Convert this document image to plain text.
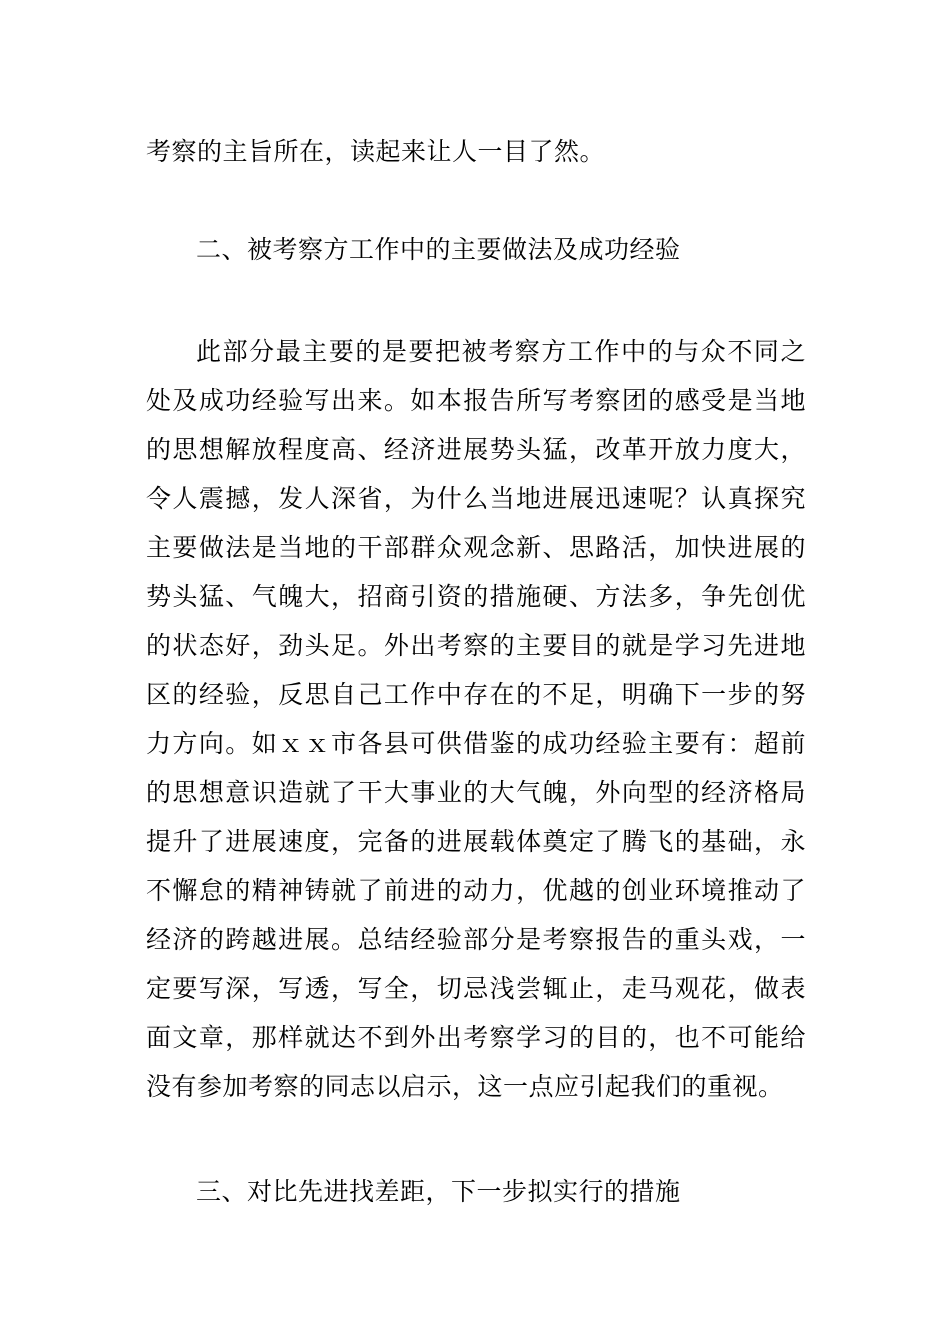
考察的主旨所在，读起来让人一目了然。
二、被考察方工作中的主要做法及成功经验
此部分最主要的是要把被考察方工作中的与众不同之
处及成功经验写出来。如本报告所写考察团的感受是当地
的思想解放程度高、经济进展势头猛，改革开放力度大，
令人震撼，发人深省，为什么当地进展迅速呢？认真探究
主要做法是当地的干部群众观念新、思路活，加快进展的
势头猛、气魄大，招商引资的措施硬、方法多，争先创优
的状态好，劲头足。外出考察的主要目的就是学习先进地
区的经验，反思自己工作中存在的不足，明确下一步的努
力方向。如ｘｘ市各县可供借鉴的成功经验主要有：超前
的思想意识造就了干大事业的大气魄，外向型的经济格局
提升了进展速度，完备的进展载体奠定了腾飞的基础，永
不懈怠的精神铸就了前进的动力，优越的创业环境推动了
经济的跨越进展。总结经验部分是考察报告的重头戏，一
定要写深，写透，写全，切忌浅尝辄止，走马观花，做表
面文章，那样就达不到外出考察学习的目的，也不可能给
没有参加考察的同志以启示，这一点应引起我们的重视。
三、对比先进找差距，下一步拟实行的措施
